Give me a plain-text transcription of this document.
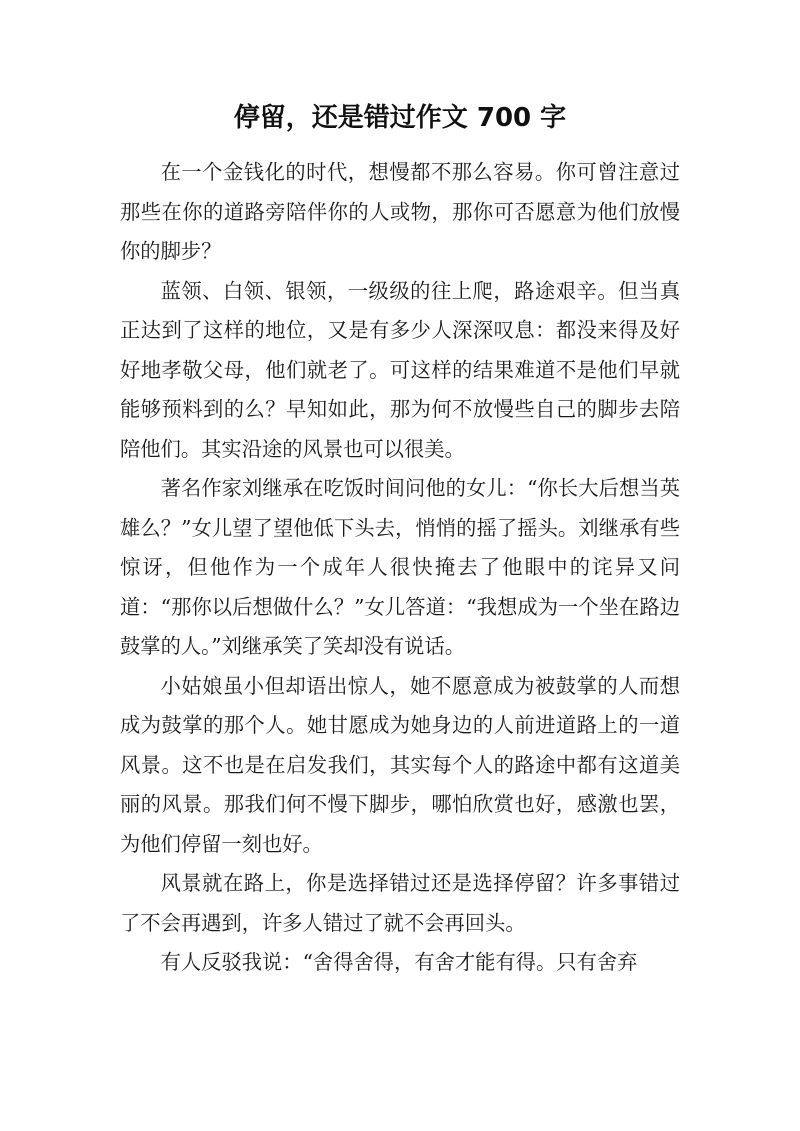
停留，还是错过作文 700 字

在一个金钱化的时代，想慢都不那么容易。你可曾注意过那些在你的道路旁陪伴你的人或物，那你可否愿意为他们放慢你的脚步？

蓝领、白领、银领，一级级的往上爬，路途艰辛。但当真正达到了这样的地位，又是有多少人深深叹息：都没来得及好好地孝敬父母，他们就老了。可这样的结果难道不是他们早就能够预料到的么？早知如此，那为何不放慢些自己的脚步去陪陪他们。其实沿途的风景也可以很美。

著名作家刘继承在吃饭时间问他的女儿：“你长大后想当英雄么？”女儿望了望他低下头去，悄悄的摇了摇头。刘继承有些惊讶，但他作为一个成年人很快掩去了他眼中的诧异又问道：“那你以后想做什么？”女儿答道：“我想成为一个坐在路边鼓掌的人。”刘继承笑了笑却没有说话。

小姑娘虽小但却语出惊人，她不愿意成为被鼓掌的人而想成为鼓掌的那个人。她甘愿成为她身边的人前进道路上的一道风景。这不也是在启发我们，其实每个人的路途中都有这道美丽的风景。那我们何不慢下脚步，哪怕欣赏也好，感激也罢，为他们停留一刻也好。

风景就在路上，你是选择错过还是选择停留？许多事错过了不会再遇到，许多人错过了就不会再回头。

有人反驳我说：“舍得舍得，有舍才能有得。只有舍弃
